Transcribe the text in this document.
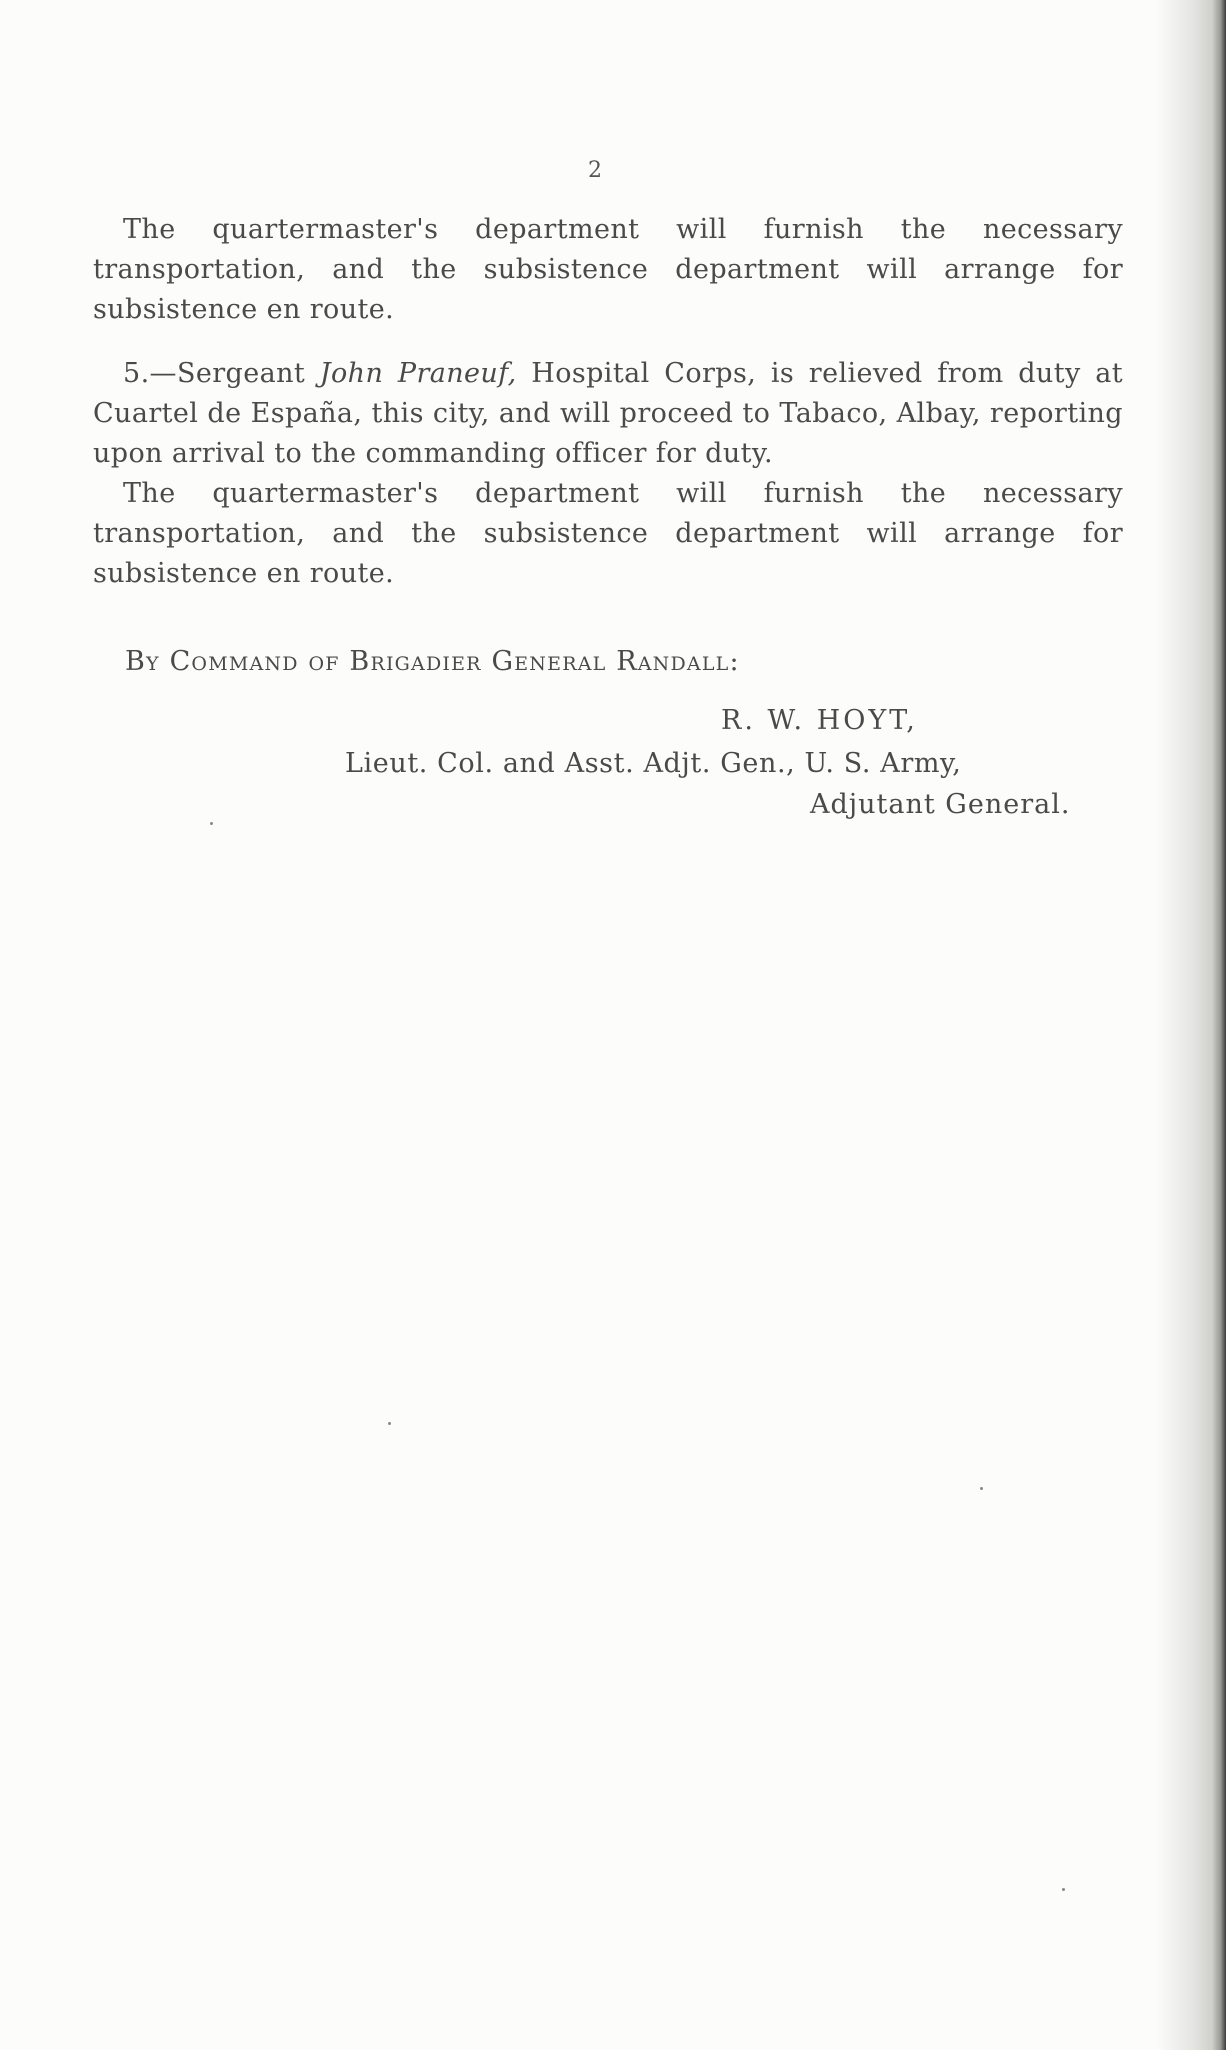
2

The quartermaster's department will furnish the necessary transportation, and the subsistence department will arrange for subsistence en route.

5.—Sergeant John Praneuf, Hospital Corps, is relieved from duty at Cuartel de España, this city, and will proceed to Tabaco, Albay, reporting upon arrival to the commanding officer for duty.

The quartermaster's department will furnish the necessary transportation, and the subsistence department will arrange for subsistence en route.

By Command of Brigadier General Randall:
R. W. HOYT,
Lieut. Col. and Asst. Adjt. Gen., U. S. Army,
Adjutant General.
